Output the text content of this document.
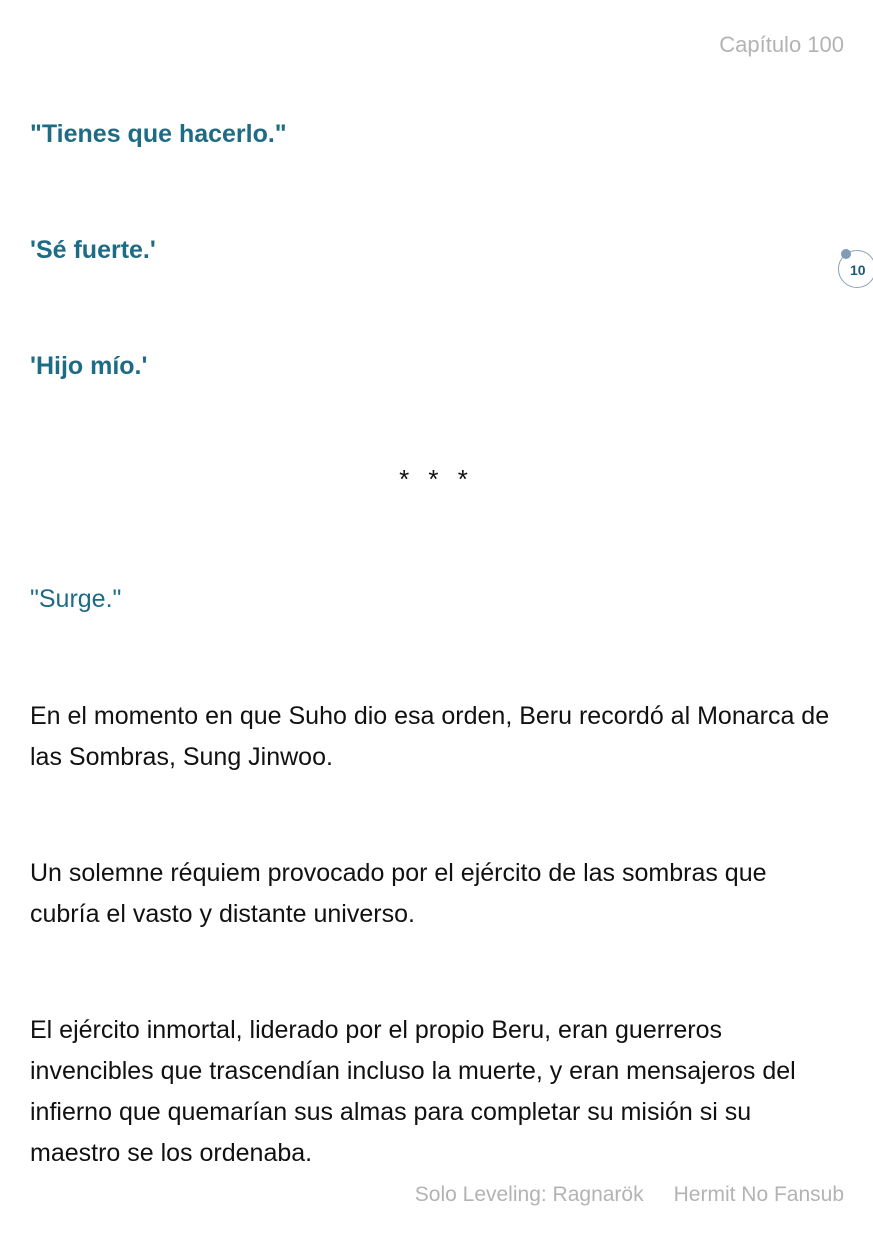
Capítulo 100
"Tienes que hacerlo."
'Sé fuerte.'
'Hijo mío.'
* * *
"Surge."
En el momento en que Suho dio esa orden, Beru recordó al Monarca de las Sombras, Sung Jinwoo.
Un solemne réquiem provocado por el ejército de las sombras que cubría el vasto y distante universo.
El ejército inmortal, liderado por el propio Beru, eran guerreros invencibles que trascendían incluso la muerte, y eran mensajeros del infierno que quemarían sus almas para completar su misión si su maestro se los ordenaba.
10
Solo Leveling: Ragnarök Hermit No Fansub
